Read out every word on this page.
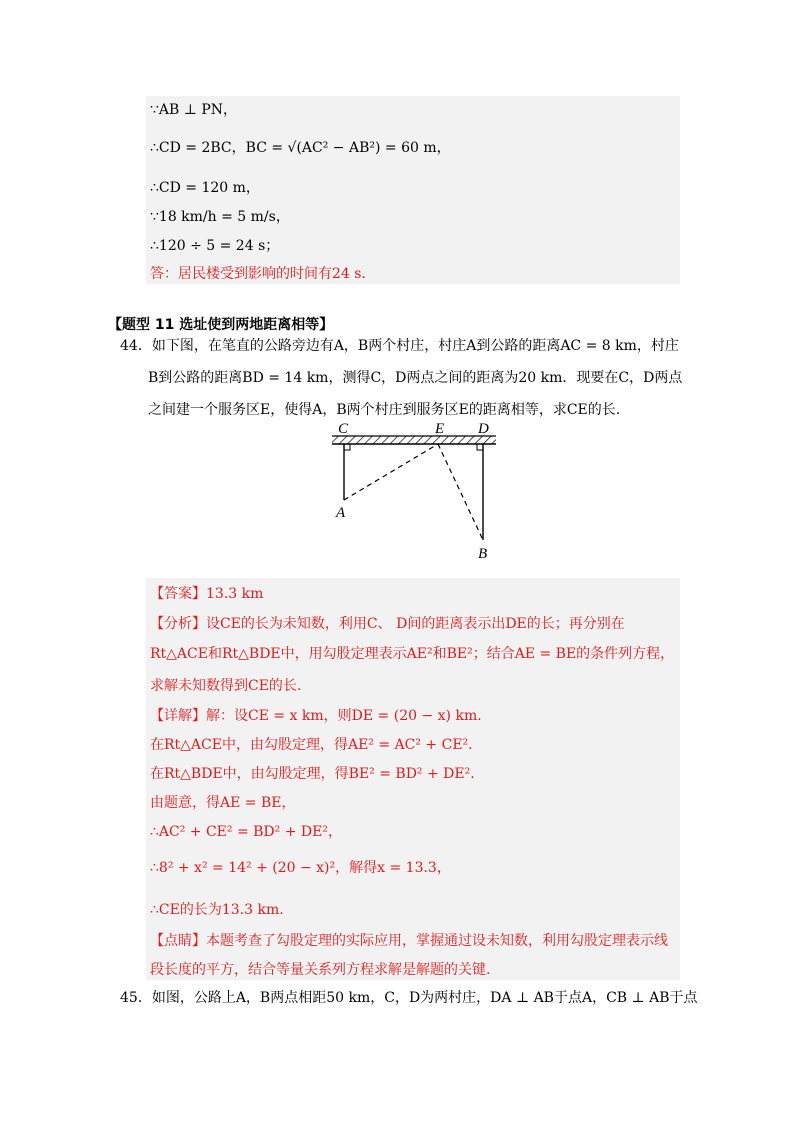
∵AB ⊥ PN，
∴CD = 2BC，BC = √(AC² − AB²) = 60 m，
∴CD = 120 m，
∵18 km/h = 5 m/s，
∴120 ÷ 5 = 24 s；
答：居民楼受到影响的时间有24 s.
【题型 11 选址使到两地距离相等】
44．如下图，在笔直的公路旁边有A，B两个村庄，村庄A到公路的距离AC = 8 km，村庄
B到公路的距离BD = 14 km，测得C，D两点之间的距离为20 km．现要在C，D两点
之间建一个服务区E，使得A，B两个村庄到服务区E的距离相等，求CE的长.
C	E D
A
B
【答案】13.3 km
【分析】设CE的长为未知数，利用C、 D间的距离表示出DE的长；再分别在
Rt△ACE和Rt△BDE中，用勾股定理表示AE²和BE²；结合AE = BE的条件列方程，
求解未知数得到CE的长.
【详解】解：设CE = x km，则DE = (20 − x) km.
在Rt△ACE中，由勾股定理，得AE² = AC² + CE².
在Rt△BDE中，由勾股定理，得BE² = BD² + DE².
由题意，得AE = BE，
∴AC² + CE² = BD² + DE²，
∴8² + x² = 14² + (20 − x)²，解得x = 13.3，
∴CE的长为13.3 km.
【点睛】本题考查了勾股定理的实际应用，掌握通过设未知数，利用勾股定理表示线
段长度的平方，结合等量关系列方程求解是解题的关键.
45．如图，公路上A，B两点相距50 km，C，D为两村庄，DA ⊥ AB于点A，CB ⊥ AB于点
